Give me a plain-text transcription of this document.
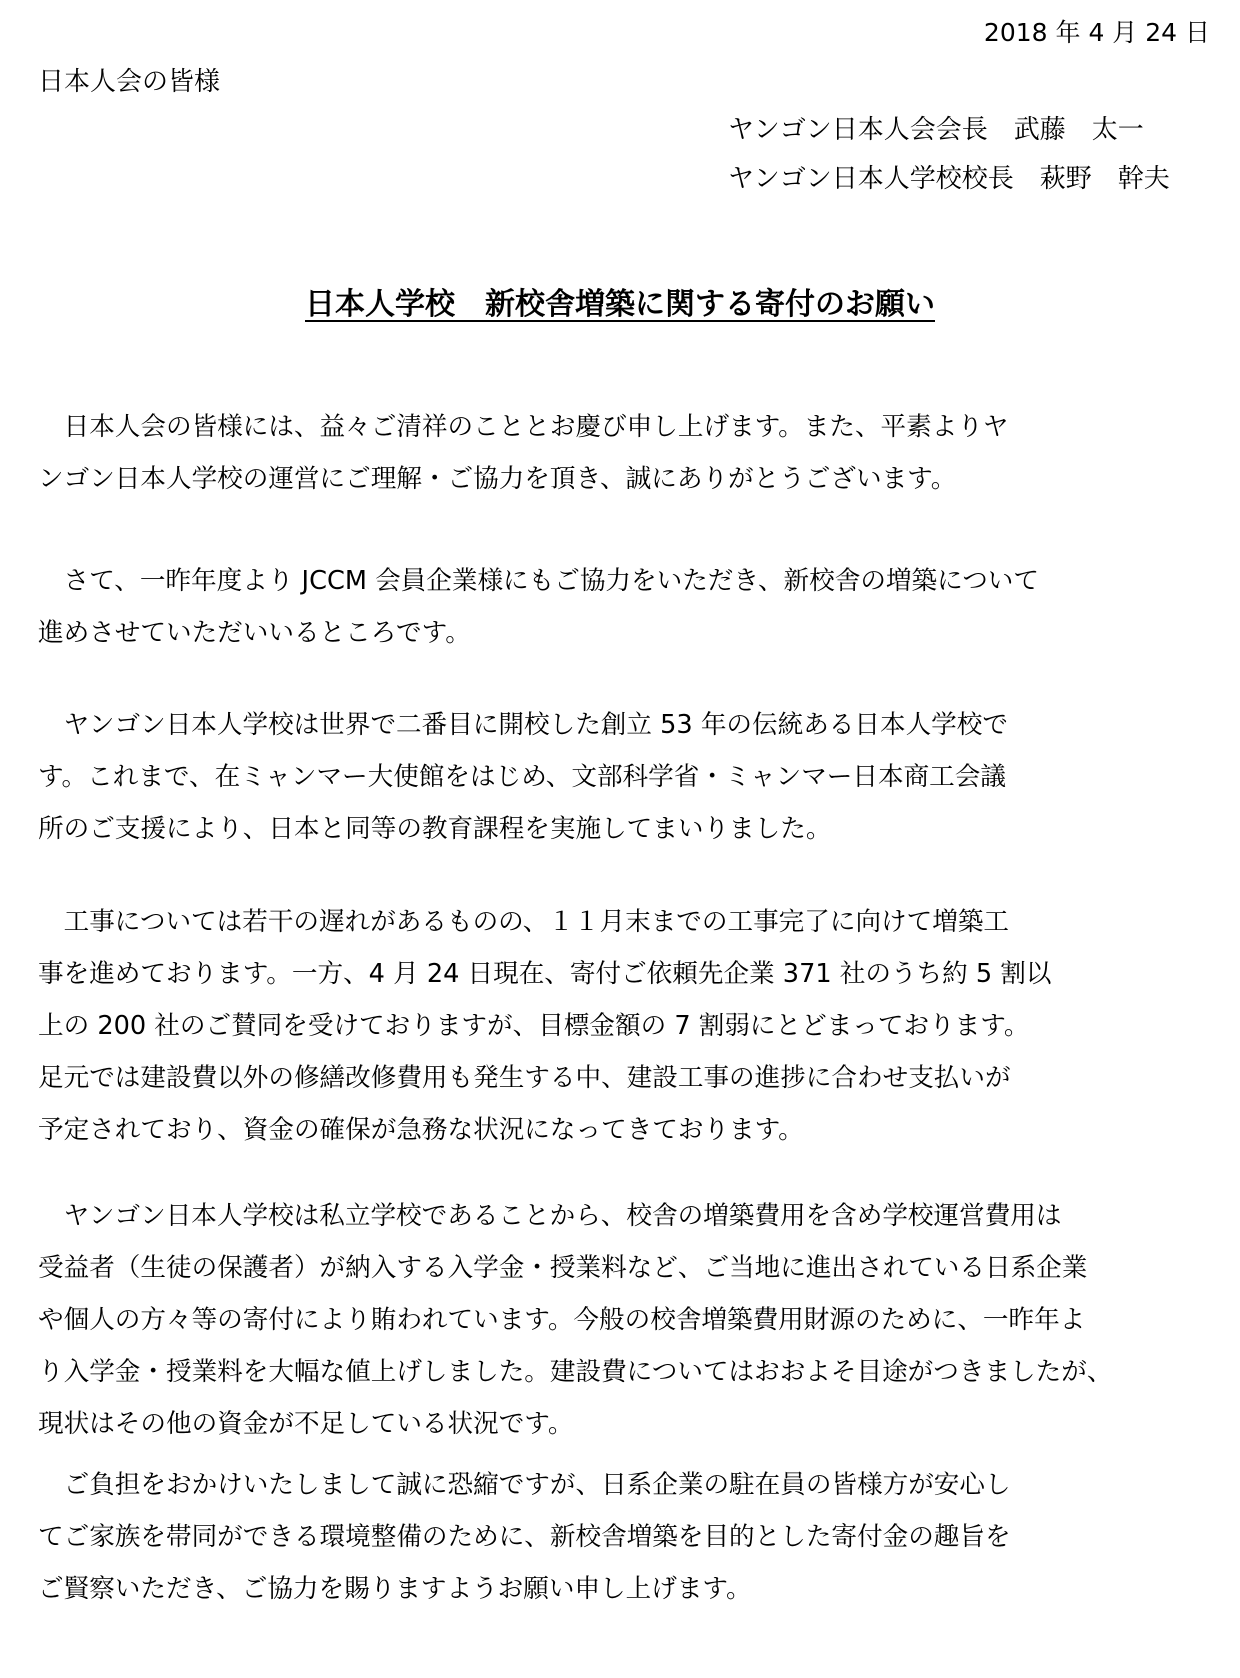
2018 年 4 月 24 日
日本人会の皆様
ヤンゴン日本人会会長 武藤　太一
ヤンゴン日本人学校校長 萩野　幹夫
日本人学校　新校舎増築に関する寄付のお願い
　日本人会の皆様には、益々ご清祥のこととお慶び申し上げます。また、平素よりヤ
ンゴン日本人学校の運営にご理解・ご協力を頂き、誠にありがとうございます。
　さて、一昨年度より JCCM 会員企業様にもご協力をいただき、新校舎の増築について
進めさせていただいいるところです。
　ヤンゴン日本人学校は世界で二番目に開校した創立 53 年の伝統ある日本人学校で
す。これまで、在ミャンマー大使館をはじめ、文部科学省・ミャンマー日本商工会議
所のご支援により、日本と同等の教育課程を実施してまいりました。
　工事については若干の遅れがあるものの、１１月末までの工事完了に向けて増築工
事を進めております。一方、4 月 24 日現在、寄付ご依頼先企業 371 社のうち約 5 割以
上の 200 社のご賛同を受けておりますが、目標金額の 7 割弱にとどまっております。
足元では建設費以外の修繕改修費用も発生する中、建設工事の進捗に合わせ支払いが
予定されており、資金の確保が急務な状況になってきております。
　ヤンゴン日本人学校は私立学校であることから、校舎の増築費用を含め学校運営費用は
受益者（生徒の保護者）が納入する入学金・授業料など、ご当地に進出されている日系企業
や個人の方々等の寄付により賄われています。今般の校舎増築費用財源のために、一昨年よ
り入学金・授業料を大幅な値上げしました。建設費についてはおおよそ目途がつきましたが、
現状はその他の資金が不足している状況です。
　ご負担をおかけいたしまして誠に恐縮ですが、日系企業の駐在員の皆様方が安心し
てご家族を帯同ができる環境整備のために、新校舎増築を目的とした寄付金の趣旨を
ご賢察いただき、ご協力を賜りますようお願い申し上げます。
